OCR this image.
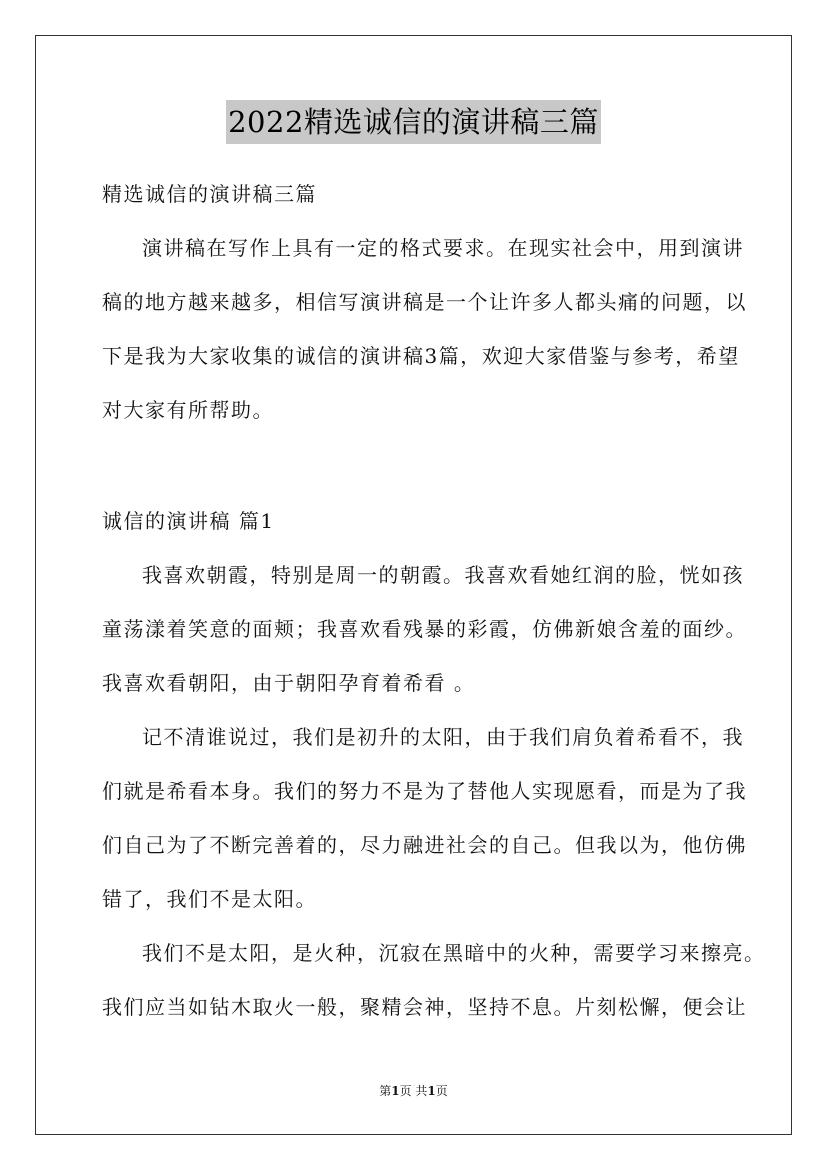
2022精选诚信的演讲稿三篇
精选诚信的演讲稿三篇
演讲稿在写作上具有一定的格式要求。在现实社会中，用到演讲
稿的地方越来越多，相信写演讲稿是一个让许多人都头痛的问题，以
下是我为大家收集的诚信的演讲稿3篇，欢迎大家借鉴与参考，希望
对大家有所帮助。
诚信的演讲稿 篇1
我喜欢朝霞，特别是周一的朝霞。我喜欢看她红润的脸，恍如孩
童荡漾着笑意的面颊；我喜欢看残暴的彩霞，仿佛新娘含羞的面纱。
我喜欢看朝阳，由于朝阳孕育着希看 。
记不清谁说过，我们是初升的太阳，由于我们肩负着希看不，我
们就是希看本身。我们的努力不是为了替他人实现愿看，而是为了我
们自己为了不断完善着的，尽力融进社会的自己。但我以为，他仿佛
错了，我们不是太阳。
我们不是太阳，是火种，沉寂在黑暗中的火种，需要学习来擦亮。
我们应当如钻木取火一般，聚精会神，坚持不息。片刻松懈，便会让
第1页 共1页
